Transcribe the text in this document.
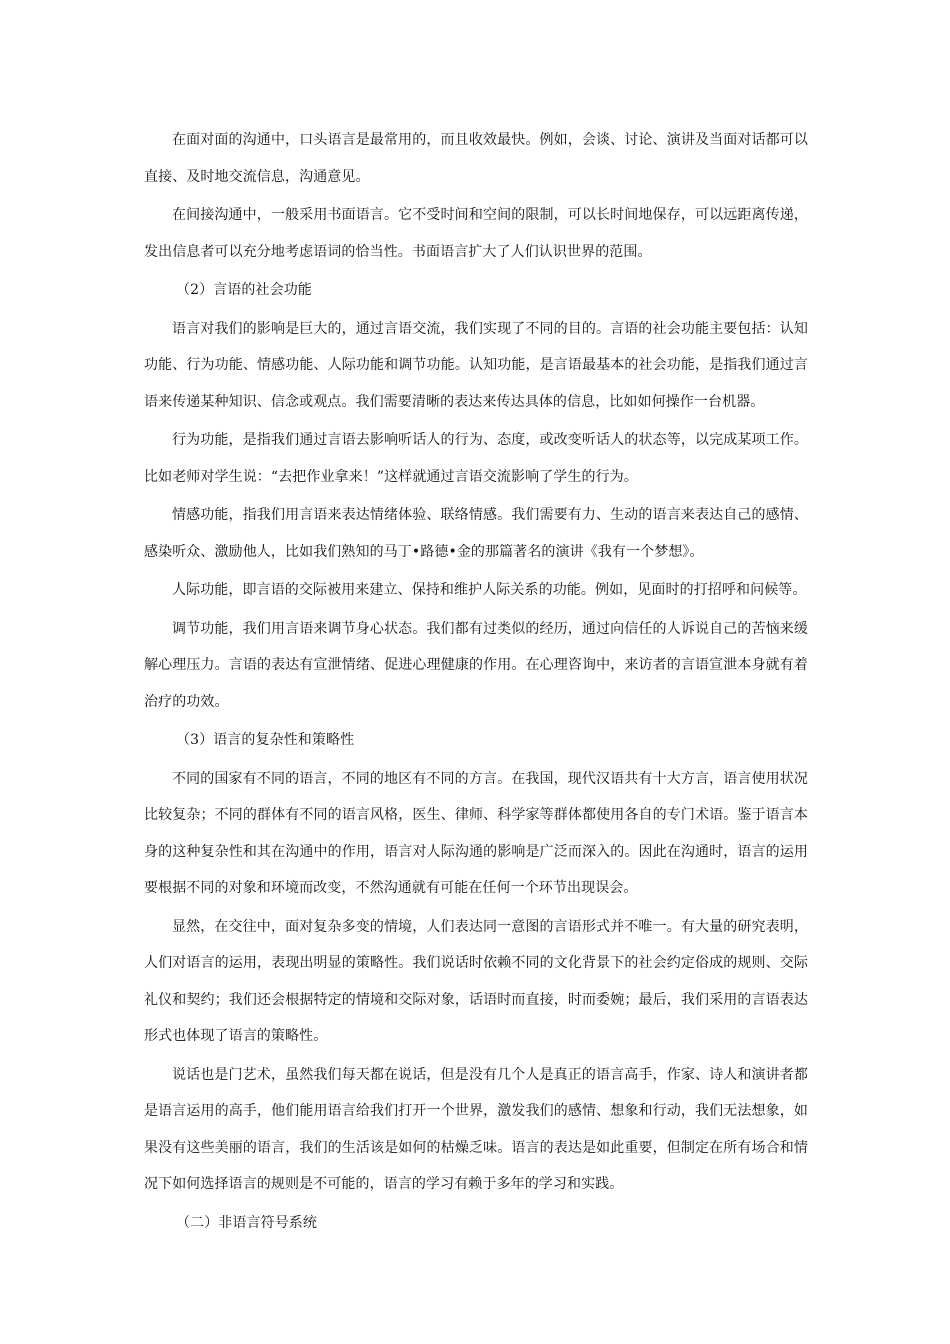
在面对面的沟通中，口头语言是最常用的，而且收效最快。例如，会谈、讨论、演讲及当面对话都可以直接、及时地交流信息，沟通意见。

在间接沟通中，一般采用书面语言。它不受时间和空间的限制，可以长时间地保存，可以远距离传递，发出信息者可以充分地考虑语词的恰当性。书面语言扩大了人们认识世界的范围。

（2）言语的社会功能

语言对我们的影响是巨大的，通过言语交流，我们实现了不同的目的。言语的社会功能主要包括：认知功能、行为功能、情感功能、人际功能和调节功能。认知功能，是言语最基本的社会功能，是指我们通过言语来传递某种知识、信念或观点。我们需要清晰的表达来传达具体的信息，比如如何操作一台机器。

行为功能，是指我们通过言语去影响听话人的行为、态度，或改变听话人的状态等，以完成某项工作。比如老师对学生说：“去把作业拿来！”这样就通过言语交流影响了学生的行为。

情感功能，指我们用言语来表达情绪体验、联络情感。我们需要有力、生动的语言来表达自己的感情、感染听众、激励他人，比如我们熟知的马丁•路德•金的那篇著名的演讲《我有一个梦想》。

人际功能，即言语的交际被用来建立、保持和维护人际关系的功能。例如，见面时的打招呼和问候等。

调节功能，我们用言语来调节身心状态。我们都有过类似的经历，通过向信任的人诉说自己的苦恼来缓解心理压力。言语的表达有宣泄情绪、促进心理健康的作用。在心理咨询中，来访者的言语宣泄本身就有着治疗的功效。

（3）语言的复杂性和策略性

不同的国家有不同的语言，不同的地区有不同的方言。在我国，现代汉语共有十大方言，语言使用状况比较复杂；不同的群体有不同的语言风格，医生、律师、科学家等群体都使用各自的专门术语。鉴于语言本身的这种复杂性和其在沟通中的作用，语言对人际沟通的影响是广泛而深入的。因此在沟通时，语言的运用要根据不同的对象和环境而改变，不然沟通就有可能在任何一个环节出现误会。

显然，在交往中，面对复杂多变的情境，人们表达同一意图的言语形式并不唯一。有大量的研究表明，人们对语言的运用，表现出明显的策略性。我们说话时依赖不同的文化背景下的社会约定俗成的规则、交际礼仪和契约；我们还会根据特定的情境和交际对象，话语时而直接，时而委婉；最后，我们采用的言语表达形式也体现了语言的策略性。

说话也是门艺术，虽然我们每天都在说话，但是没有几个人是真正的语言高手，作家、诗人和演讲者都是语言运用的高手，他们能用语言给我们打开一个世界，激发我们的感情、想象和行动，我们无法想象，如果没有这些美丽的语言，我们的生活该是如何的枯燥乏味。语言的表达是如此重要，但制定在所有场合和情况下如何选择语言的规则是不可能的，语言的学习有赖于多年的学习和实践。

（二）非语言符号系统
